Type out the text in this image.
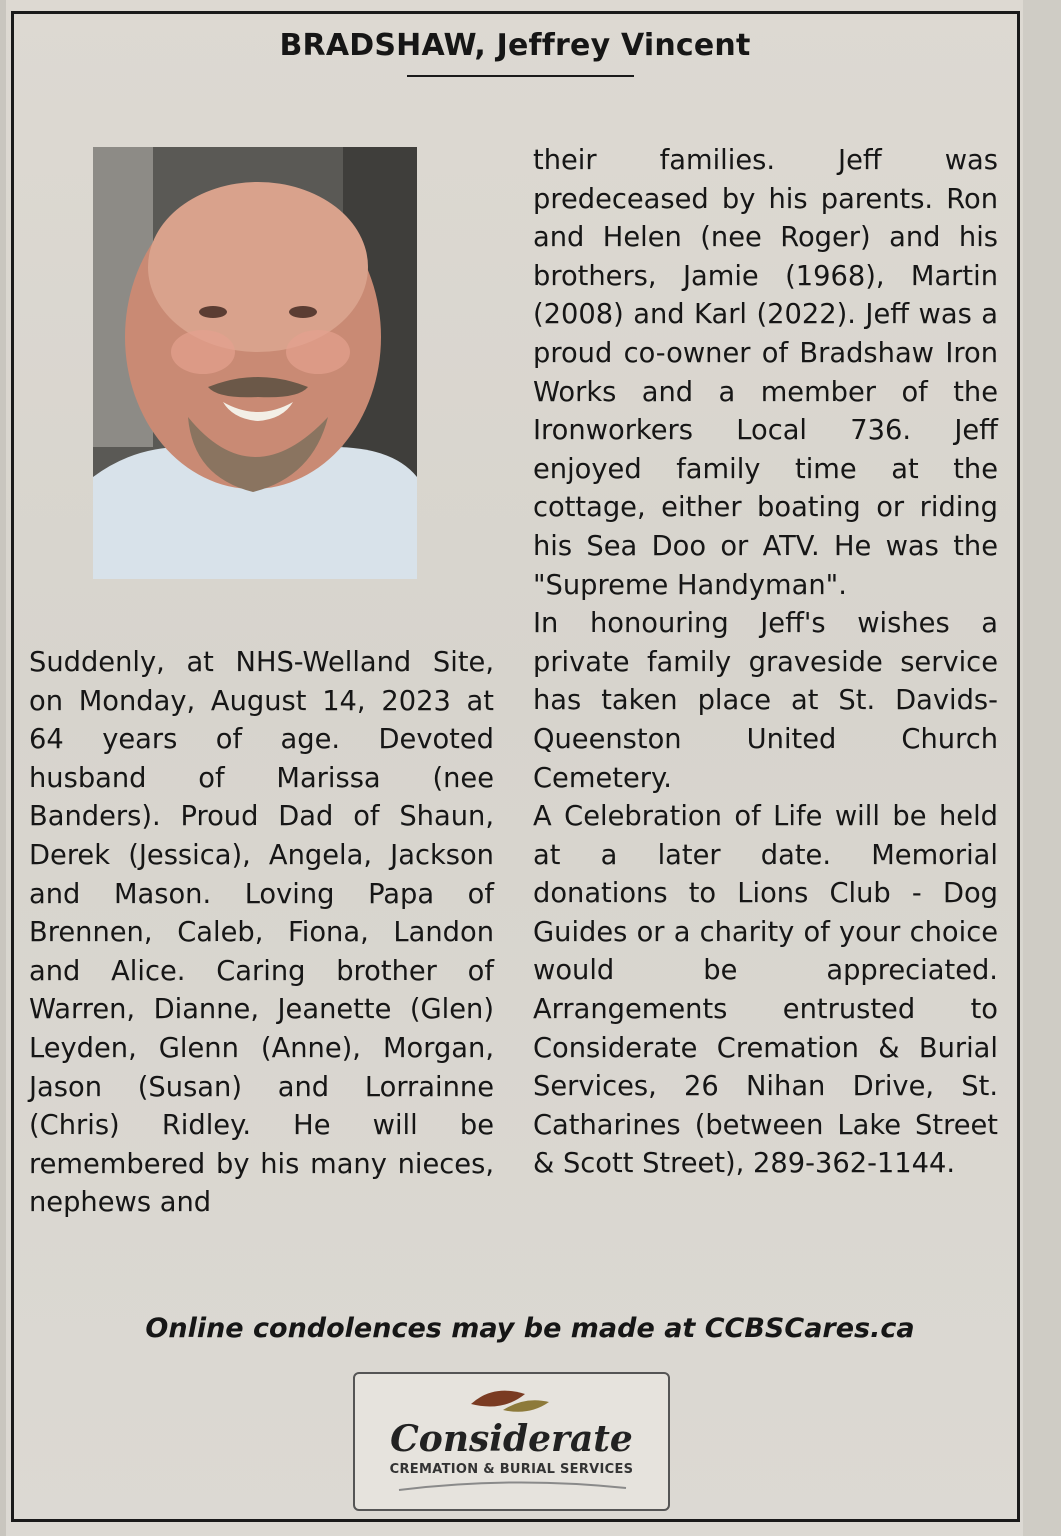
BRADSHAW, Jeffrey Vincent

Suddenly, at NHS-Welland Site, on Monday, August 14, 2023 at 64 years of age. Devoted husband of Marissa (nee Banders). Proud Dad of Shaun, Derek (Jessica), Angela, Jackson and Mason. Loving Papa of Brennen, Caleb, Fiona, Landon and Alice. Caring brother of Warren, Dianne, Jeanette (Glen) Leyden, Glenn (Anne), Morgan, Jason (Susan) and Lorrainne (Chris) Ridley. He will be remembered by his many nieces, nephews and

their families. Jeff was predeceased by his parents. Ron and Helen (nee Roger) and his brothers, Jamie (1968), Martin (2008) and Karl (2022). Jeff was a proud co-owner of Bradshaw Iron Works and a member of the Ironworkers Local 736. Jeff enjoyed family time at the cottage, either boating or riding his Sea Doo or ATV. He was the "Supreme Handyman".

In honouring Jeff's wishes a private family graveside service has taken place at St. Davids-Queenston United Church Cemetery.

A Celebration of Life will be held at a later date. Memorial donations to Lions Club - Dog Guides or a charity of your choice would be appreciated. Arrangements entrusted to Considerate Cremation & Burial Services, 26 Nihan Drive, St. Catharines (between Lake Street & Scott Street), 289-362-1144.

Online condolences may be made at CCBSCares.ca
Considerate
CREMATION & BURIAL SERVICES
